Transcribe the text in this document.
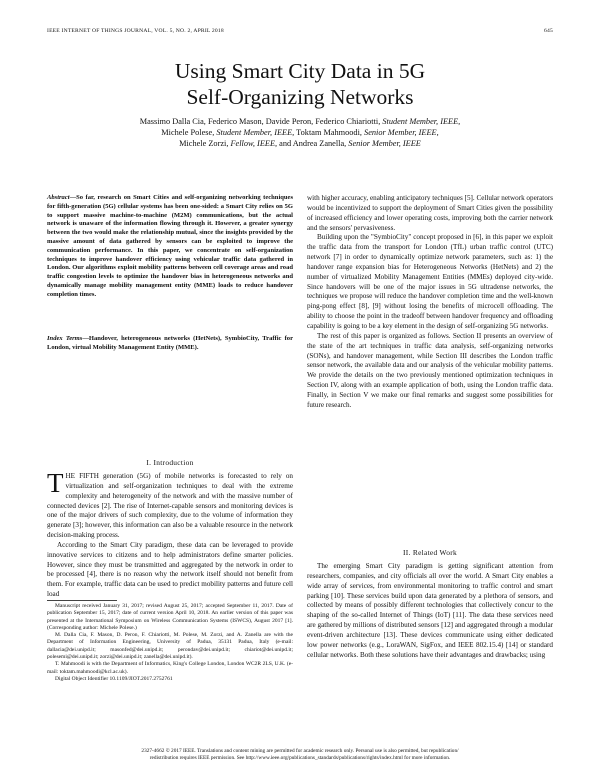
IEEE INTERNET OF THINGS JOURNAL, VOL. 5, NO. 2, APRIL 2018	645
Using Smart City Data in 5G
Self-Organizing Networks
Massimo Dalla Cia, Federico Mason, Davide Peron, Federico Chiariotti, Student Member, IEEE,
Michele Polese, Student Member, IEEE, Toktam Mahmoodi, Senior Member, IEEE,
Michele Zorzi, Fellow, IEEE, and Andrea Zanella, Senior Member, IEEE
Abstract—So far, research on Smart Cities and self-organizing networking techniques for fifth-generation (5G) cellular systems has been one-sided: a Smart City relies on 5G to support massive machine-to-machine (M2M) communications, but the actual network is unaware of the information flowing through it. However, a greater synergy between the two would make the relationship mutual, since the insights provided by the massive amount of data gathered by sensors can be exploited to improve the communication performance. In this paper, we concentrate on self-organization techniques to improve handover efficiency using vehicular traffic data gathered in London. Our algorithms exploit mobility patterns between cell coverage areas and road traffic congestion levels to optimize the handover bias in heterogeneous networks and dynamically manage mobility management entity (MME) loads to reduce handover completion times.
Index Terms—Handover, heterogeneous networks (HetNets), SymbioCity, Traffic for London, virtual Mobility Management Entity (MME).
I. Introduction

THE FIFTH generation (5G) of mobile networks is forecasted to rely on virtualization and self-organization techniques to deal with the extreme complexity and heterogeneity of the network and with the massive number of connected devices [2]. The rise of Internet-capable sensors and monitoring devices is one of the major drivers of such complexity, due to the volume of information they generate [3]; however, this information can also be a valuable resource in the network decision-making process.

According to the Smart City paradigm, these data can be leveraged to provide innovative services to citizens and to help administrators define smarter policies. However, since they must be transmitted and aggregated by the network in order to be processed [4], there is no reason why the network itself should not benefit from them. For example, traffic data can be used to predict mobility patterns and future cell load

Manuscript received January 31, 2017; revised August 25, 2017; accepted September 11, 2017. Date of publication September 15, 2017; date of current version April 10, 2018. An earlier version of this paper was presented at the International Symposium on Wireless Communication Systems (ISWCS), August 2017 [1]. (Corresponding author: Michele Polese.)

M. Dalla Cia, F. Mason, D. Peron, F. Chiariotti, M. Polese, M. Zorzi, and A. Zanella are with the Department of Information Engineering, University of Padua, 35131 Padua, Italy (e-mail: dallacia@dei.unipd.it; masonfed@dei.unipd.it; perondav@dei.unipd.it; chiariot@dei.unipd.it; polesemi@dei.unipd.it; zorzi@dei.unipd.it; zanella@dei.unipd.it).

T. Mahmoodi is with the Department of Informatics, King's College London, London WC2R 2LS, U.K. (e-mail: toktam.mahmoodi@kcl.ac.uk).

Digital Object Identifier 10.1109/JIOT.2017.2752761

with higher accuracy, enabling anticipatory techniques [5]. Cellular network operators would be incentivized to support the deployment of Smart Cities given the possibility of increased efficiency and lower operating costs, improving both the carrier network and the sensors' pervasiveness.

Building upon the "SymbioCity" concept proposed in [6], in this paper we exploit the traffic data from the transport for London (TfL) urban traffic control (UTC) network [7] in order to dynamically optimize network parameters, such as: 1) the handover range expansion bias for Heterogeneous Networks (HetNets) and 2) the number of virtualized Mobility Management Entities (MMEs) deployed city-wide. Since handovers will be one of the major issues in 5G ultradense networks, the techniques we propose will reduce the handover completion time and the well-known ping-pong effect [8], [9] without losing the benefits of microcell offloading. The ability to choose the point in the tradeoff between handover frequency and offloading capability is going to be a key element in the design of self-organizing 5G networks.

The rest of this paper is organized as follows. Section II presents an overview of the state of the art techniques in traffic data analysis, self-organizing networks (SONs), and handover management, while Section III describes the London traffic sensor network, the available data and our analysis of the vehicular mobility patterns. We provide the details on the two previously mentioned optimization techniques in Section IV, along with an example application of both, using the London traffic data. Finally, in Section V we make our final remarks and suggest some possibilities for future research.

II. Related Work

The emerging Smart City paradigm is getting significant attention from researchers, companies, and city officials all over the world. A Smart City enables a wide array of services, from environmental monitoring to traffic control and smart parking [10]. These services build upon data generated by a plethora of sensors, and collected by means of possibly different technologies that collectively concur to the shaping of the so-called Internet of Things (IoT) [11]. The data these services need are gathered by millions of distributed sensors [12] and aggregated through a modular event-driven architecture [13]. These devices communicate using either dedicated low power networks (e.g., LoraWAN, SigFox, and IEEE 802.15.4) [14] or standard cellular networks. Both these solutions have their advantages and drawbacks; using

2327-4662 © 2017 IEEE. Translations and content mining are permitted for academic research only. Personal use is also permitted, but republication/
redistribution requires IEEE permission. See http://www.ieee.org/publications_standards/publications/rights/index.html for more information.
